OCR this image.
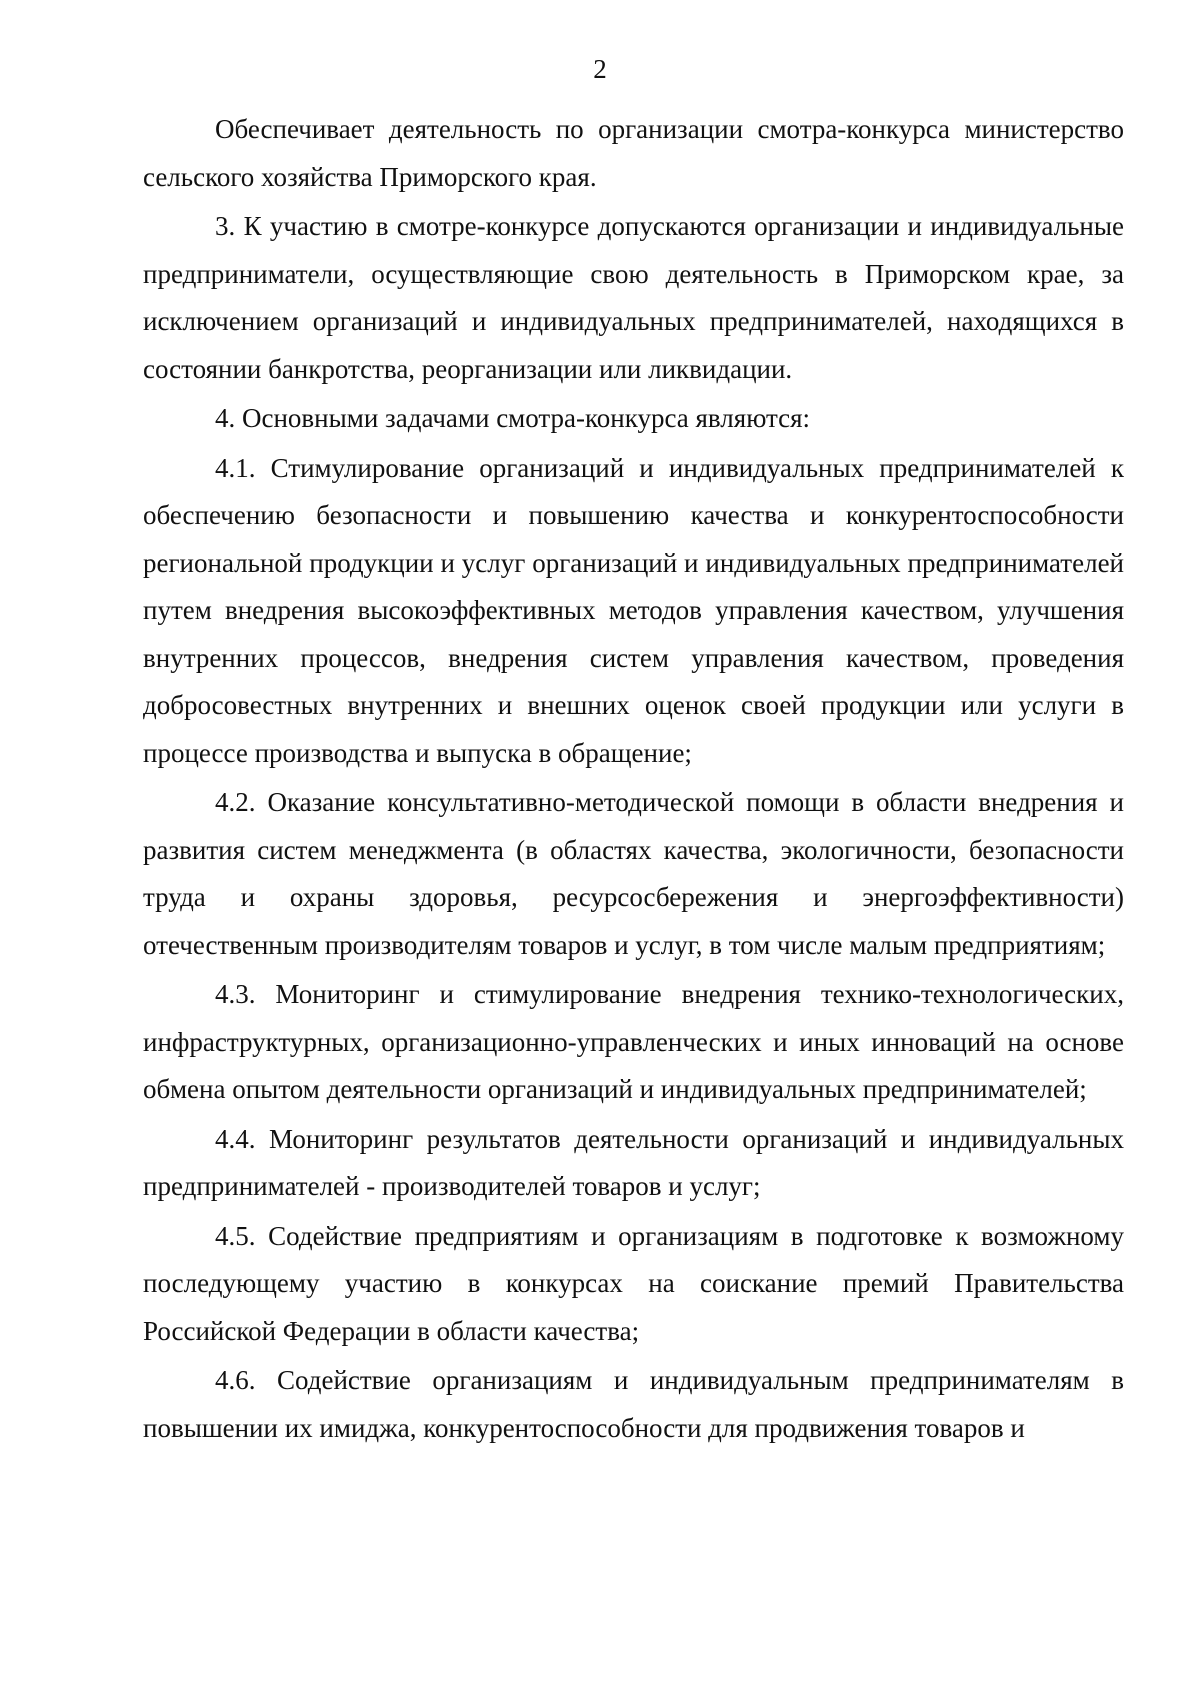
2

Обеспечивает деятельность по организации смотра-конкурса министерство сельского хозяйства Приморского края.

3. К участию в смотре-конкурсе допускаются организации и индивидуальные предприниматели, осуществляющие свою деятельность в Приморском крае, за исключением организаций и индивидуальных предпринимателей, находящихся в состоянии банкротства, реорганизации или ликвидации.

4. Основными задачами смотра-конкурса являются:

4.1. Стимулирование организаций и индивидуальных предпринимателей к обеспечению безопасности и повышению качества и конкурентоспособности региональной продукции и услуг организаций и индивидуальных предпринимателей путем внедрения высокоэффективных методов управления качеством, улучшения внутренних процессов, внедрения систем управления качеством, проведения добросовестных внутренних и внешних оценок своей продукции или услуги в процессе производства и выпуска в обращение;

4.2. Оказание консультативно-методической помощи в области внедрения и развития систем менеджмента (в областях качества, экологичности, безопасности труда и охраны здоровья, ресурсосбережения и энергоэффективности) отечественным производителям товаров и услуг, в том числе малым предприятиям;

4.3. Мониторинг и стимулирование внедрения технико-технологических, инфраструктурных, организационно-управленческих и иных инноваций на основе обмена опытом деятельности организаций и индивидуальных предпринимателей;

4.4. Мониторинг результатов деятельности организаций и индивидуальных предпринимателей - производителей товаров и услуг;

4.5. Содействие предприятиям и организациям в подготовке к возможному последующему участию в конкурсах на соискание премий Правительства Российской Федерации в области качества;

4.6. Содействие организациям и индивидуальным предпринимателям в повышении их имиджа, конкурентоспособности для продвижения товаров и
